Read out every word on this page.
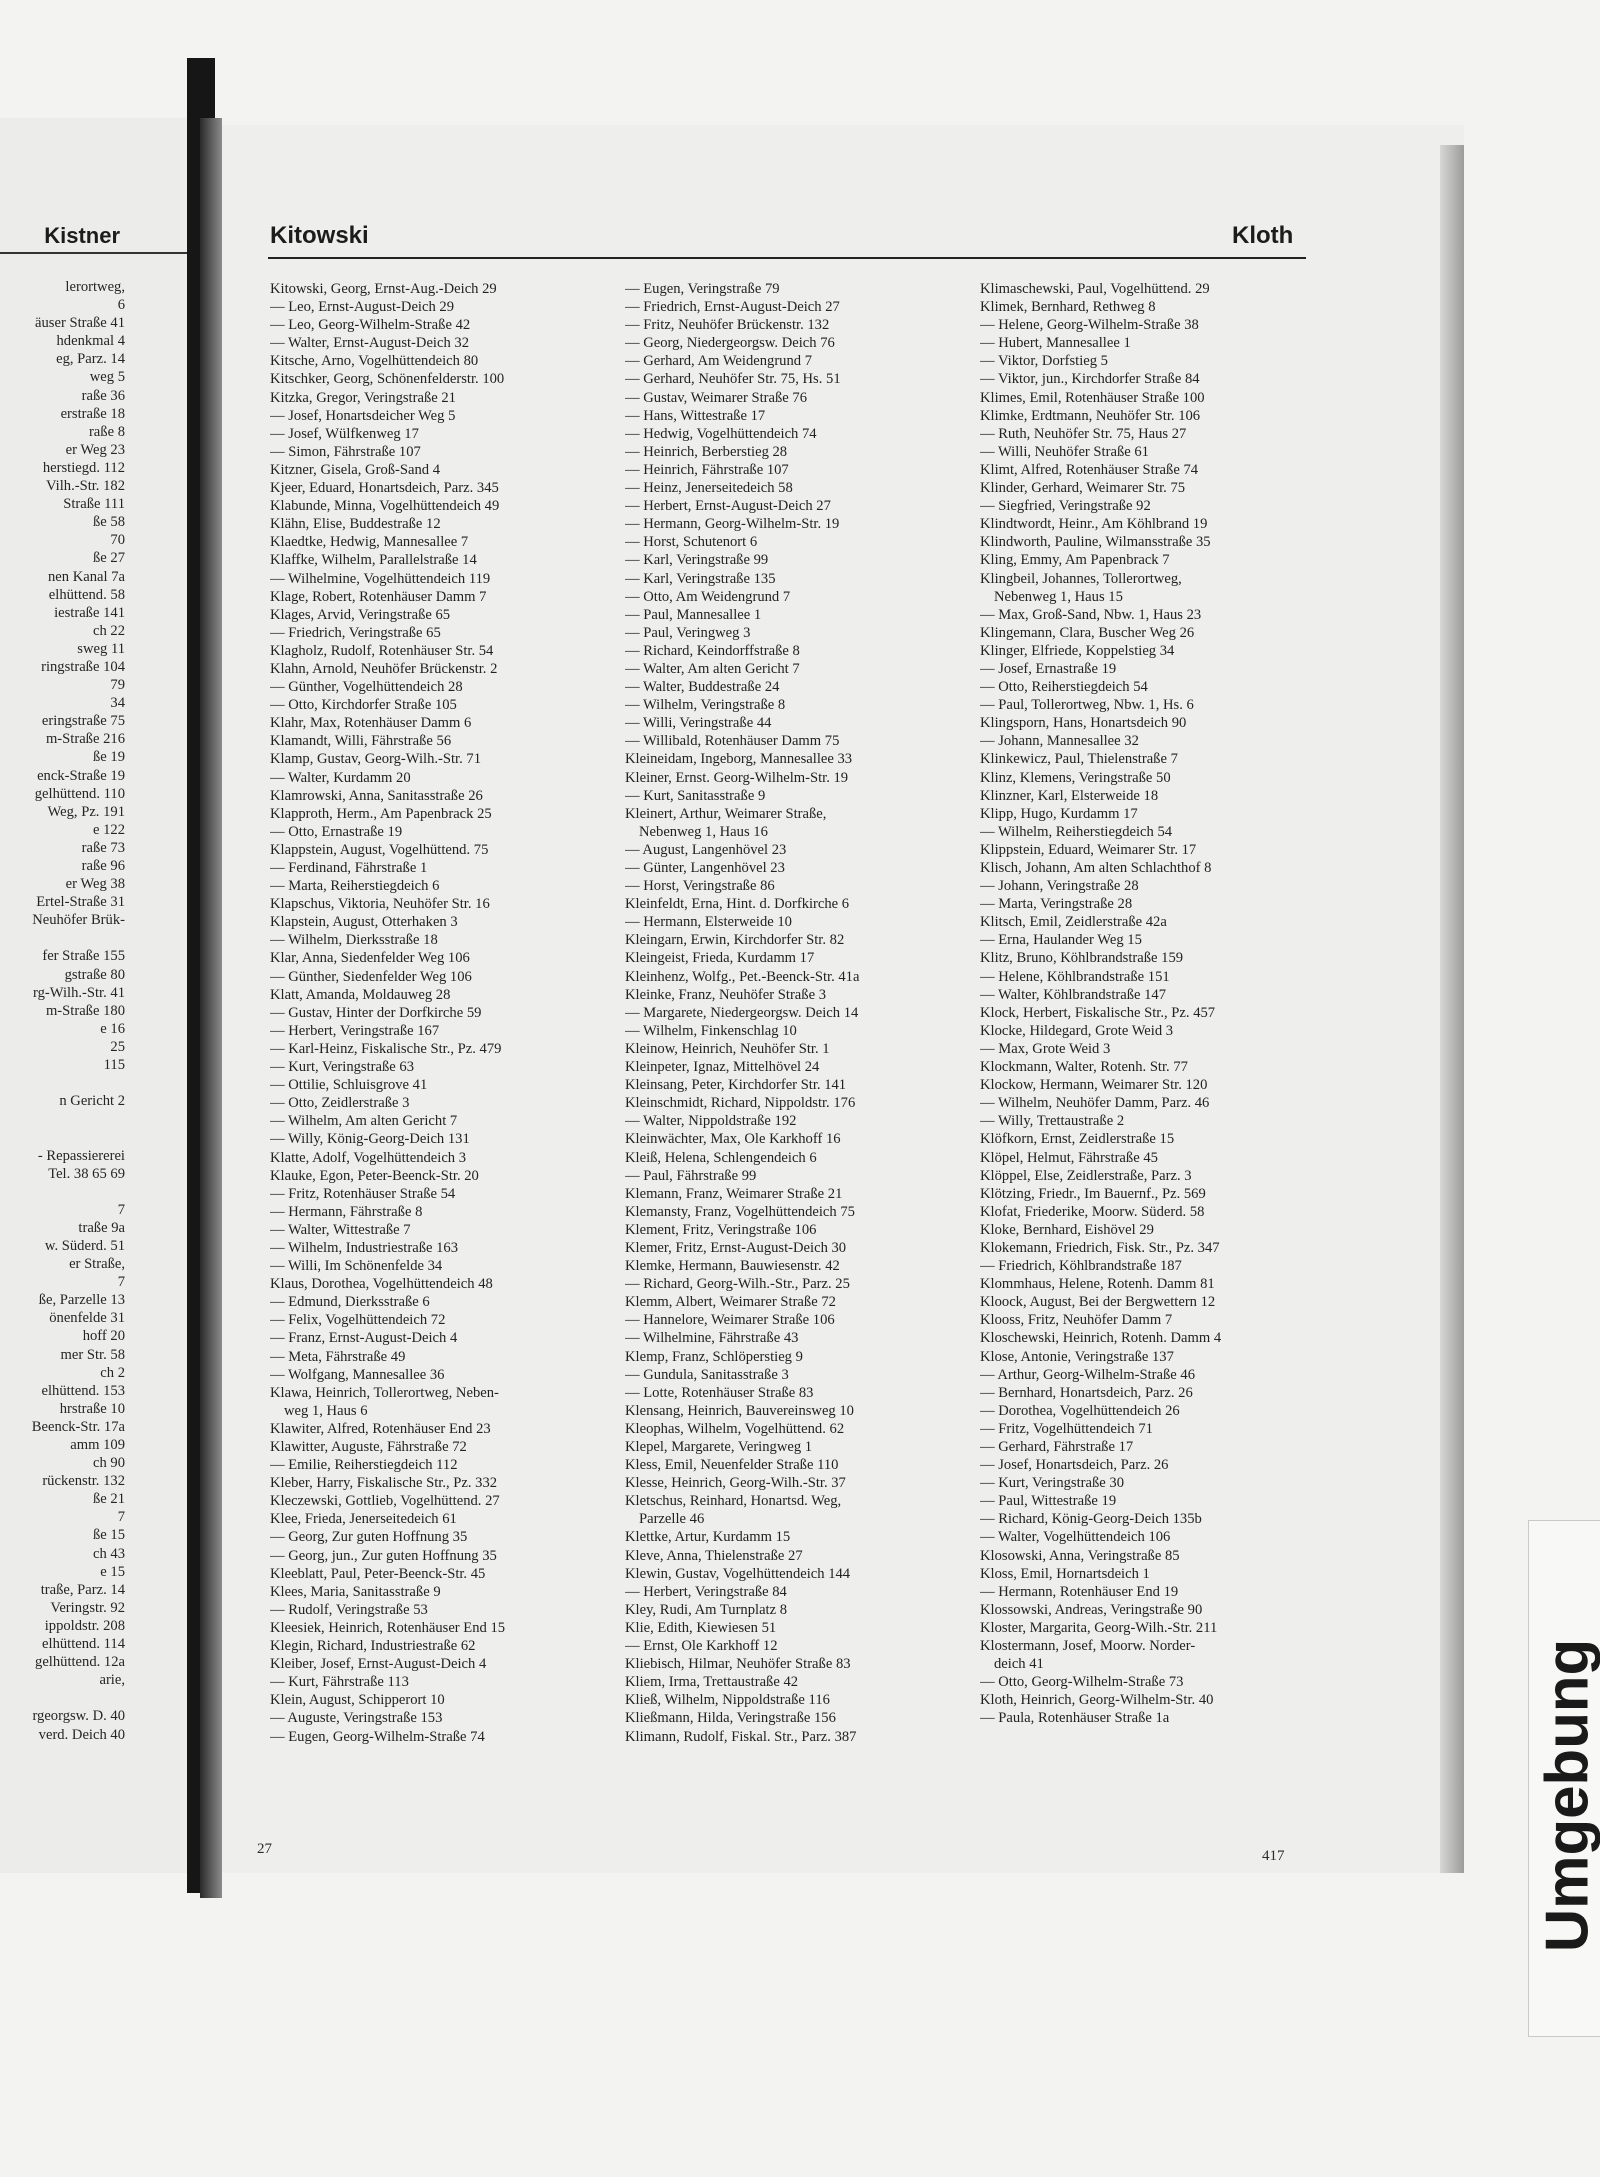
Kistner
lerortweg,
6
äuser Straße 41
hdenkmal 4
eg, Parz. 14
weg 5
raße 36
erstraße 18
raße 8
er Weg 23
herstiegd. 112
Vilh.-Str. 182
Straße 111
ße 58
70
ße 27
nen Kanal 7a
elhüttend. 58
iestraße 141
ch 22
sweg 11
ringstraße 104
79
34
eringstraße 75
m-Straße 216
ße 19
enck-Straße 19
gelhüttend. 110
Weg, Pz. 191
e 122
raße 73
raße 96
er Weg 38
Ertel-Straße 31
Neuhöfer Brük-

fer Straße 155
gstraße 80
rg-Wilh.-Str. 41
m-Straße 180
e 16
25
115

n Gericht 2

- Repassiererei
Tel. 38 65 69

7
traße 9a
w. Süderd. 51
er Straße,
7
ße, Parzelle 13
önenfelde 31
hoff 20
mer Str. 58
ch 2
elhüttend. 153
hrstraße 10
Beenck-Str. 17a
amm 109
ch 90
rückenstr. 132
ße 21
7
ße 15
ch 43
e 15
traße, Parz. 14
Veringstr. 92
ippoldstr. 208
elhüttend. 114
gelhüttend. 12a
arie,

rgeorgsw. D. 40
verd. Deich 40
Kitowski	Kloth
Kitowski, Georg, Ernst-Aug.-Deich 29
— Leo, Ernst-August-Deich 29
— Leo, Georg-Wilhelm-Straße 42
— Walter, Ernst-August-Deich 32
Kitsche, Arno, Vogelhüttendeich 80
Kitschker, Georg, Schönenfelderstr. 100
Kitzka, Gregor, Veringstraße 21
— Josef, Honartsdeicher Weg 5
— Josef, Wülfkenweg 17
— Simon, Fährstraße 107
Kitzner, Gisela, Groß-Sand 4
Kjeer, Eduard, Honartsdeich, Parz. 345
Klabunde, Minna, Vogelhüttendeich 49
Klähn, Elise, Buddestraße 12
Klaedtke, Hedwig, Mannesallee 7
Klaffke, Wilhelm, Parallelstraße 14
— Wilhelmine, Vogelhüttendeich 119
Klage, Robert, Rotenhäuser Damm 7
Klages, Arvid, Veringstraße 65
— Friedrich, Veringstraße 65
Klagholz, Rudolf, Rotenhäuser Str. 54
Klahn, Arnold, Neuhöfer Brückenstr. 2
— Günther, Vogelhüttendeich 28
— Otto, Kirchdorfer Straße 105
Klahr, Max, Rotenhäuser Damm 6
Klamandt, Willi, Fährstraße 56
Klamp, Gustav, Georg-Wilh.-Str. 71
— Walter, Kurdamm 20
Klamrowski, Anna, Sanitasstraße 26
Klapproth, Herm., Am Papenbrack 25
— Otto, Ernastraße 19
Klappstein, August, Vogelhüttend. 75
— Ferdinand, Fährstraße 1
— Marta, Reiherstiegdeich 6
Klapschus, Viktoria, Neuhöfer Str. 16
Klapstein, August, Otterhaken 3
— Wilhelm, Dierksstraße 18
Klar, Anna, Siedenfelder Weg 106
— Günther, Siedenfelder Weg 106
Klatt, Amanda, Moldauweg 28
— Gustav, Hinter der Dorfkirche 59
— Herbert, Veringstraße 167
— Karl-Heinz, Fiskalische Str., Pz. 479
— Kurt, Veringstraße 63
— Ottilie, Schluisgrove 41
— Otto, Zeidlerstraße 3
— Wilhelm, Am alten Gericht 7
— Willy, König-Georg-Deich 131
Klatte, Adolf, Vogelhüttendeich 3
Klauke, Egon, Peter-Beenck-Str. 20
— Fritz, Rotenhäuser Straße 54
— Hermann, Fährstraße 8
— Walter, Wittestraße 7
— Wilhelm, Industriestraße 163
— Willi, Im Schönenfelde 34
Klaus, Dorothea, Vogelhüttendeich 48
— Edmund, Dierksstraße 6
— Felix, Vogelhüttendeich 72
— Franz, Ernst-August-Deich 4
— Meta, Fährstraße 49
— Wolfgang, Mannesallee 36
Klawa, Heinrich, Tollerortweg, Neben-
weg 1, Haus 6
Klawiter, Alfred, Rotenhäuser End 23
Klawitter, Auguste, Fährstraße 72
— Emilie, Reiherstiegdeich 112
Kleber, Harry, Fiskalische Str., Pz. 332
Kleczewski, Gottlieb, Vogelhüttend. 27
Klee, Frieda, Jenerseitedeich 61
— Georg, Zur guten Hoffnung 35
— Georg, jun., Zur guten Hoffnung 35
Kleeblatt, Paul, Peter-Beenck-Str. 45
Klees, Maria, Sanitasstraße 9
— Rudolf, Veringstraße 53
Kleesiek, Heinrich, Rotenhäuser End 15
Klegin, Richard, Industriestraße 62
Kleiber, Josef, Ernst-August-Deich 4
— Kurt, Fährstraße 113
Klein, August, Schipperort 10
— Auguste, Veringstraße 153
— Eugen, Georg-Wilhelm-Straße 74
— Eugen, Veringstraße 79
— Friedrich, Ernst-August-Deich 27
— Fritz, Neuhöfer Brückenstr. 132
— Georg, Niedergeorgsw. Deich 76
— Gerhard, Am Weidengrund 7
— Gerhard, Neuhöfer Str. 75, Hs. 51
— Gustav, Weimarer Straße 76
— Hans, Wittestraße 17
— Hedwig, Vogelhüttendeich 74
— Heinrich, Berberstieg 28
— Heinrich, Fährstraße 107
— Heinz, Jenerseitedeich 58
— Herbert, Ernst-August-Deich 27
— Hermann, Georg-Wilhelm-Str. 19
— Horst, Schutenort 6
— Karl, Veringstraße 99
— Karl, Veringstraße 135
— Otto, Am Weidengrund 7
— Paul, Mannesallee 1
— Paul, Veringweg 3
— Richard, Keindorffstraße 8
— Walter, Am alten Gericht 7
— Walter, Buddestraße 24
— Wilhelm, Veringstraße 8
— Willi, Veringstraße 44
— Willibald, Rotenhäuser Damm 75
Kleineidam, Ingeborg, Mannesallee 33
Kleiner, Ernst. Georg-Wilhelm-Str. 19
— Kurt, Sanitasstraße 9
Kleinert, Arthur, Weimarer Straße,
Nebenweg 1, Haus 16
— August, Langenhövel 23
— Günter, Langenhövel 23
— Horst, Veringstraße 86
Kleinfeldt, Erna, Hint. d. Dorfkirche 6
— Hermann, Elsterweide 10
Kleingarn, Erwin, Kirchdorfer Str. 82
Kleingeist, Frieda, Kurdamm 17
Kleinhenz, Wolfg., Pet.-Beenck-Str. 41a
Kleinke, Franz, Neuhöfer Straße 3
— Margarete, Niedergeorgsw. Deich 14
— Wilhelm, Finkenschlag 10
Kleinow, Heinrich, Neuhöfer Str. 1
Kleinpeter, Ignaz, Mittelhövel 24
Kleinsang, Peter, Kirchdorfer Str. 141
Kleinschmidt, Richard, Nippoldstr. 176
— Walter, Nippoldstraße 192
Kleinwächter, Max, Ole Karkhoff 16
Kleiß, Helena, Schlengendeich 6
— Paul, Fährstraße 99
Klemann, Franz, Weimarer Straße 21
Klemansty, Franz, Vogelhüttendeich 75
Klement, Fritz, Veringstraße 106
Klemer, Fritz, Ernst-August-Deich 30
Klemke, Hermann, Bauwiesenstr. 42
— Richard, Georg-Wilh.-Str., Parz. 25
Klemm, Albert, Weimarer Straße 72
— Hannelore, Weimarer Straße 106
— Wilhelmine, Fährstraße 43
Klemp, Franz, Schlöperstieg 9
— Gundula, Sanitasstraße 3
— Lotte, Rotenhäuser Straße 83
Klensang, Heinrich, Bauvereinsweg 10
Kleophas, Wilhelm, Vogelhüttend. 62
Klepel, Margarete, Veringweg 1
Kless, Emil, Neuenfelder Straße 110
Klesse, Heinrich, Georg-Wilh.-Str. 37
Kletschus, Reinhard, Honartsd. Weg,
Parzelle 46
Klettke, Artur, Kurdamm 15
Kleve, Anna, Thielenstraße 27
Klewin, Gustav, Vogelhüttendeich 144
— Herbert, Veringstraße 84
Kley, Rudi, Am Turnplatz 8
Klie, Edith, Kiewiesen 51
— Ernst, Ole Karkhoff 12
Kliebisch, Hilmar, Neuhöfer Straße 83
Kliem, Irma, Trettaustraße 42
Kließ, Wilhelm, Nippoldstraße 116
Kließmann, Hilda, Veringstraße 156
Klimann, Rudolf, Fiskal. Str., Parz. 387
Klimaschewski, Paul, Vogelhüttend. 29
Klimek, Bernhard, Rethweg 8
— Helene, Georg-Wilhelm-Straße 38
— Hubert, Mannesallee 1
— Viktor, Dorfstieg 5
— Viktor, jun., Kirchdorfer Straße 84
Klimes, Emil, Rotenhäuser Straße 100
Klimke, Erdtmann, Neuhöfer Str. 106
— Ruth, Neuhöfer Str. 75, Haus 27
— Willi, Neuhöfer Straße 61
Klimt, Alfred, Rotenhäuser Straße 74
Klinder, Gerhard, Weimarer Str. 75
— Siegfried, Veringstraße 92
Klindtwordt, Heinr., Am Köhlbrand 19
Klindworth, Pauline, Wilmansstraße 35
Kling, Emmy, Am Papenbrack 7
Klingbeil, Johannes, Tollerortweg,
Nebenweg 1, Haus 15
— Max, Groß-Sand, Nbw. 1, Haus 23
Klingemann, Clara, Buscher Weg 26
Klinger, Elfriede, Koppelstieg 34
— Josef, Ernastraße 19
— Otto, Reiherstiegdeich 54
— Paul, Tollerortweg, Nbw. 1, Hs. 6
Klingsporn, Hans, Honartsdeich 90
— Johann, Mannesallee 32
Klinkewicz, Paul, Thielenstraße 7
Klinz, Klemens, Veringstraße 50
Klinzner, Karl, Elsterweide 18
Klipp, Hugo, Kurdamm 17
— Wilhelm, Reiherstiegdeich 54
Klippstein, Eduard, Weimarer Str. 17
Klisch, Johann, Am alten Schlachthof 8
— Johann, Veringstraße 28
— Marta, Veringstraße 28
Klitsch, Emil, Zeidlerstraße 42a
— Erna, Haulander Weg 15
Klitz, Bruno, Köhlbrandstraße 159
— Helene, Köhlbrandstraße 151
— Walter, Köhlbrandstraße 147
Klock, Herbert, Fiskalische Str., Pz. 457
Klocke, Hildegard, Grote Weid 3
— Max, Grote Weid 3
Klockmann, Walter, Rotenh. Str. 77
Klockow, Hermann, Weimarer Str. 120
— Wilhelm, Neuhöfer Damm, Parz. 46
— Willy, Trettaustraße 2
Klöfkorn, Ernst, Zeidlerstraße 15
Klöpel, Helmut, Fährstraße 45
Klöppel, Else, Zeidlerstraße, Parz. 3
Klötzing, Friedr., Im Bauernf., Pz. 569
Klofat, Friederike, Moorw. Süderd. 58
Kloke, Bernhard, Eishövel 29
Klokemann, Friedrich, Fisk. Str., Pz. 347
— Friedrich, Köhlbrandstraße 187
Klommhaus, Helene, Rotenh. Damm 81
Kloock, August, Bei der Bergwettern 12
Klooss, Fritz, Neuhöfer Damm 7
Kloschewski, Heinrich, Rotenh. Damm 4
Klose, Antonie, Veringstraße 137
— Arthur, Georg-Wilhelm-Straße 46
— Bernhard, Honartsdeich, Parz. 26
— Dorothea, Vogelhüttendeich 26
— Fritz, Vogelhüttendeich 71
— Gerhard, Fährstraße 17
— Josef, Honartsdeich, Parz. 26
— Kurt, Veringstraße 30
— Paul, Wittestraße 19
— Richard, König-Georg-Deich 135b
— Walter, Vogelhüttendeich 106
Klosowski, Anna, Veringstraße 85
Kloss, Emil, Hornartsdeich 1
— Hermann, Rotenhäuser End 19
Klossowski, Andreas, Veringstraße 90
Kloster, Margarita, Georg-Wilh.-Str. 211
Klostermann, Josef, Moorw. Norder-
deich 41
— Otto, Georg-Wilhelm-Straße 73
Kloth, Heinrich, Georg-Wilhelm-Str. 40
— Paula, Rotenhäuser Straße 1a
27	417	Umgebung
